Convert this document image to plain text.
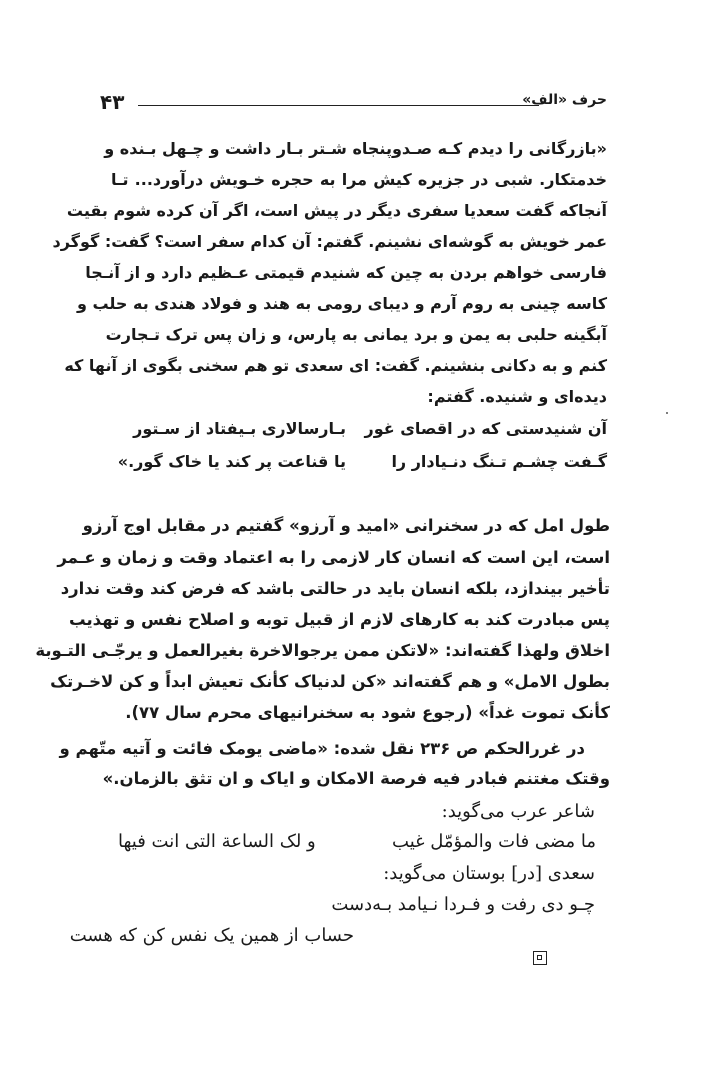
۴۳	حرف «الف»
«بازرگانی را دیدم کـه صـدوپنجاه شـتر بـار داشت و چـهل بـنده و
خدمتکار. شبی در جزیره کیش مرا به حجره خـویش درآورد... تـا
آنجاکه گفت سعدیا سفری دیگر در پیش است، اگر آن کرده شوم بقیت
عمر خویش به گوشه‌ای نشینم. گفتم: آن کدام سفر است؟ گفت: گوگرد
فارسی خواهم بردن به چین که شنیدم قیمتی عـظیم دارد و از آنـجا
کاسه چینی به روم آرم و دیبای رومی به هند و فولاد هندی به حلب و
آبگینه حلبی به یمن و برد یمانی به پارس، و زان پس ترک تـجارت
کنم و به دکانی بنشینم. گفت: ای سعدی تو هم سخنی بگوی از آنها که
دیده‌ای و شنیده. گفتم:
آن شنیدستی که در اقصای غور
بـارسالاری بـیفتاد از سـتور
گـفت چشـم تـنگ دنـیادار را
یا قناعت پر کند یا خاک گور.»
طول امل که در سخنرانی «امید و آرزو» گفتیم در مقابل اوج آرزو
است، این است که انسان کار لازمی را به اعتماد وقت و زمان و عـمر
تأخیر بیندازد، بلکه انسان باید در حالتی باشد که فرض کند وقت ندارد
پس مبادرت کند به کارهای لازم از قبیل توبه و اصلاح نفس و تهذیب
اخلاق ولهذا گفته‌اند: «لاتکن ممن یرجوالاخرة بغیرالعمل و یرجّـی التـوبة
بطول الامل» و هم گفته‌اند «کن لدنیاک کأنک تعیش ابداً و کن لاخـرتک
کأنک تموت غداً» (رجوع شود به سخنرانیهای محرم سال ۷۷).
در غررالحکم ص ۲۳۶ نقل شده: «ماضی یومک فائت و آتیه متّهم و
وقتک مغتنم فبادر فیه فرصة الامکان و ایاک و ان تثق بالزمان.»
شاعر عرب می‌گوید:
ما مضی فات والمؤمّل غیب
و لک الساعة التی انت فیها
سعدی [در] بوستان می‌گوید:
چـو دی رفت و فـردا نـیامد بـه‌دست
حساب از همین یک نفس کن که هست
